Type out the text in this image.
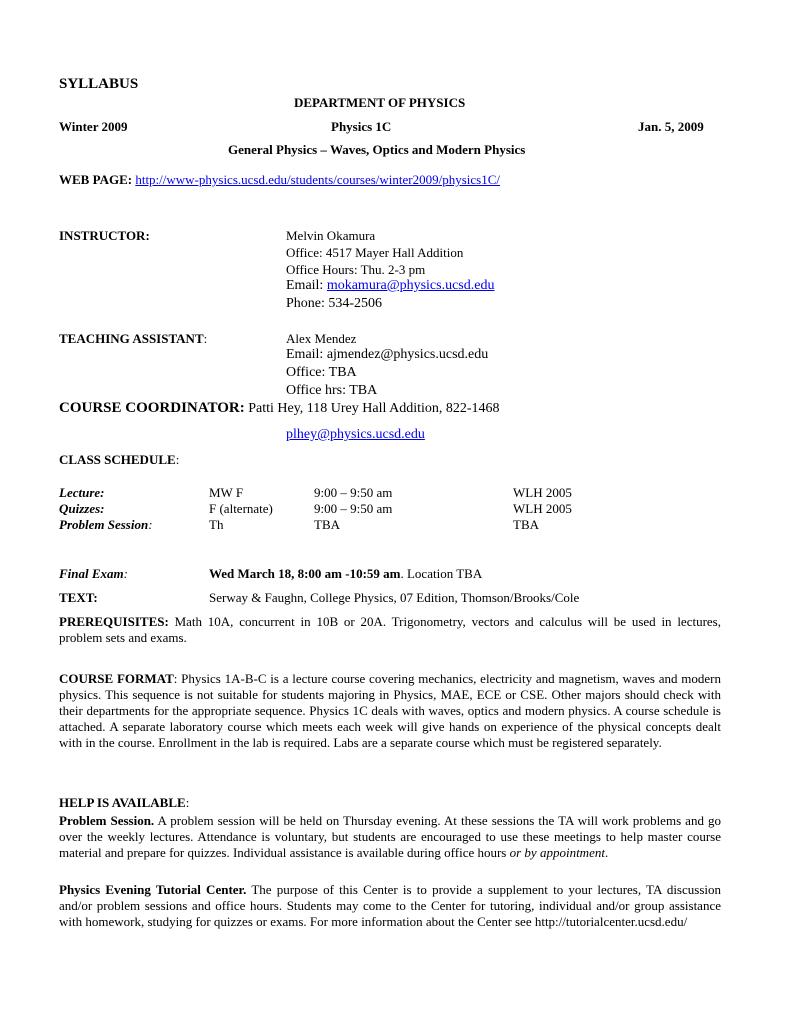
SYLLABUS
DEPARTMENT OF PHYSICS
Winter 2009	Physics 1C	Jan. 5, 2009
General Physics – Waves, Optics and Modern Physics
WEB PAGE: http://www-physics.ucsd.edu/students/courses/winter2009/physics1C/
INSTRUCTOR:	Melvin Okamura
Office: 4517 Mayer Hall Addition
Office Hours: Thu. 2-3 pm
Email: mokamura@physics.ucsd.edu
Phone: 534-2506
TEACHING ASSISTANT:	Alex Mendez
Email: ajmendez@physics.ucsd.edu
Office: TBA
Office hrs: TBA
COURSE COORDINATOR: Patti Hey, 118 Urey Hall Addition, 822-1468
plhey@physics.ucsd.edu
CLASS SCHEDULE:
Lecture:	MW F	9:00 – 9:50 am	WLH 2005
Quizzes:	F (alternate)	9:00 – 9:50 am	WLH 2005
Problem Session:	Th	TBA	TBA
Final Exam:	Wed March 18, 8:00 am -10:59 am. Location TBA
TEXT:	Serway & Faughn, College Physics, 07 Edition, Thomson/Brooks/Cole

PREREQUISITES: Math 10A, concurrent in 10B or 20A. Trigonometry, vectors and calculus will be used in lectures, problem sets and exams.

COURSE FORMAT: Physics 1A-B-C is a lecture course covering mechanics, electricity and magnetism, waves and modern physics. This sequence is not suitable for students majoring in Physics, MAE, ECE or CSE. Other majors should check with their departments for the appropriate sequence. Physics 1C deals with waves, optics and modern physics. A course schedule is attached. A separate laboratory course which meets each week will give hands on experience of the physical concepts dealt with in the course. Enrollment in the lab is required. Labs are a separate course which must be registered separately.

HELP IS AVAILABLE:

Problem Session. A problem session will be held on Thursday evening. At these sessions the TA will work problems and go over the weekly lectures. Attendance is voluntary, but students are encouraged to use these meetings to help master course material and prepare for quizzes. Individual assistance is available during office hours or by appointment.

Physics Evening Tutorial Center. The purpose of this Center is to provide a supplement to your lectures, TA discussion and/or problem sessions and office hours. Students may come to the Center for tutoring, individual and/or group assistance with homework, studying for quizzes or exams. For more information about the Center see http://tutorialcenter.ucsd.edu/
